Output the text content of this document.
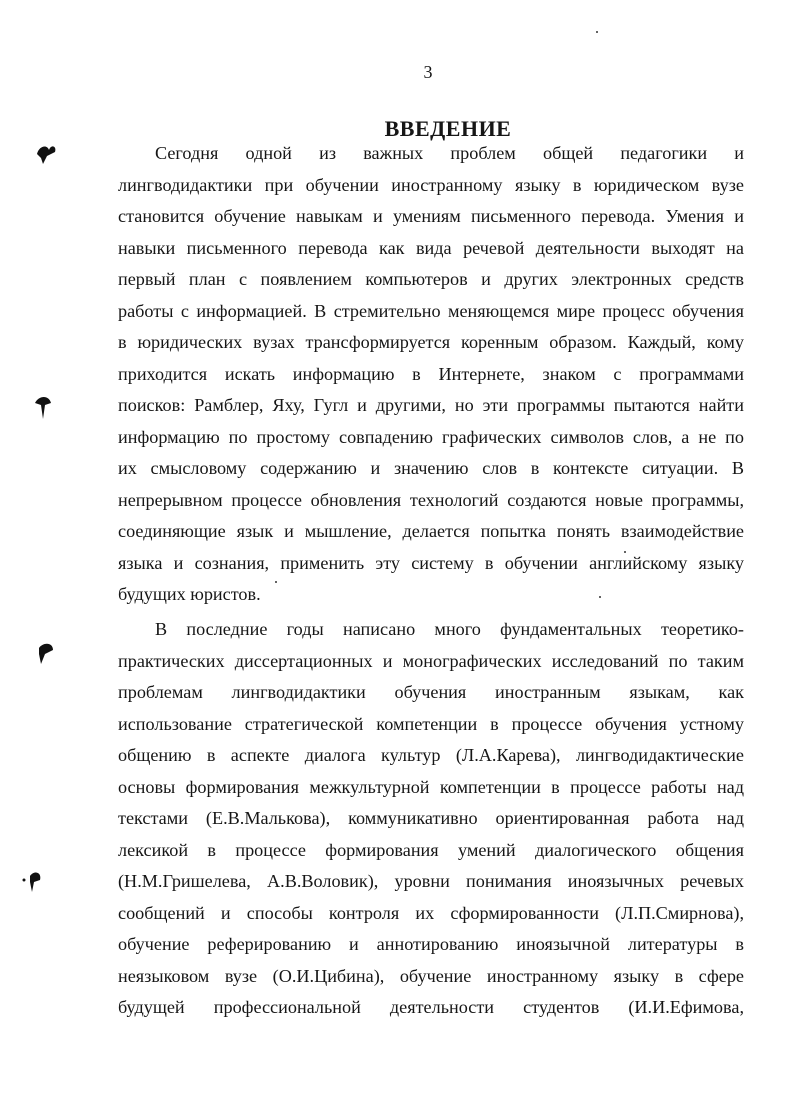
3
ВВЕДЕНИЕ
Сегодня одной из важных проблем общей педагогики и
лингводидактики при обучении иностранному языку в юридическом вузе
становится обучение навыкам и умениям письменного перевода. Умения и
навыки письменного перевода как вида речевой деятельности выходят на
первый план с появлением компьютеров и других электронных средств
работы с информацией. В стремительно меняющемся мире процесс обучения
в юридических вузах трансформируется коренным образом. Каждый, кому
приходится искать информацию в Интернете, знаком с программами
поисков: Рамблер, Яху, Гугл и другими, но эти программы пытаются найти
информацию по простому совпадению графических символов слов, а не по
их смысловому содержанию и значению слов в контексте ситуации. В
непрерывном процессе обновления технологий создаются новые программы,
соединяющие язык и мышление, делается попытка понять взаимодействие
языка и сознания, применить эту систему в обучении английскому языку
будущих юристов.
В последние годы написано много фундаментальных теоретико-
практических диссертационных и монографических исследований по таким
проблемам лингводидактики обучения иностранным языкам, как
использование стратегической компетенции в процессе обучения устному
общению в аспекте диалога культур (Л.А.Карева), лингводидактические
основы формирования межкультурной компетенции в процессе работы над
текстами (Е.В.Малькова), коммуникативно ориентированная работа над
лексикой в процессе формирования умений диалогического общения
(Н.М.Гришелева, А.В.Воловик), уровни понимания иноязычных речевых
сообщений и способы контроля их сформированности (Л.П.Смирнова),
обучение реферированию и аннотированию иноязычной литературы в
неязыковом вузе (О.И.Цибина), обучение иностранному языку в сфере
будущей профессиональной деятельности студентов (И.И.Ефимова,
